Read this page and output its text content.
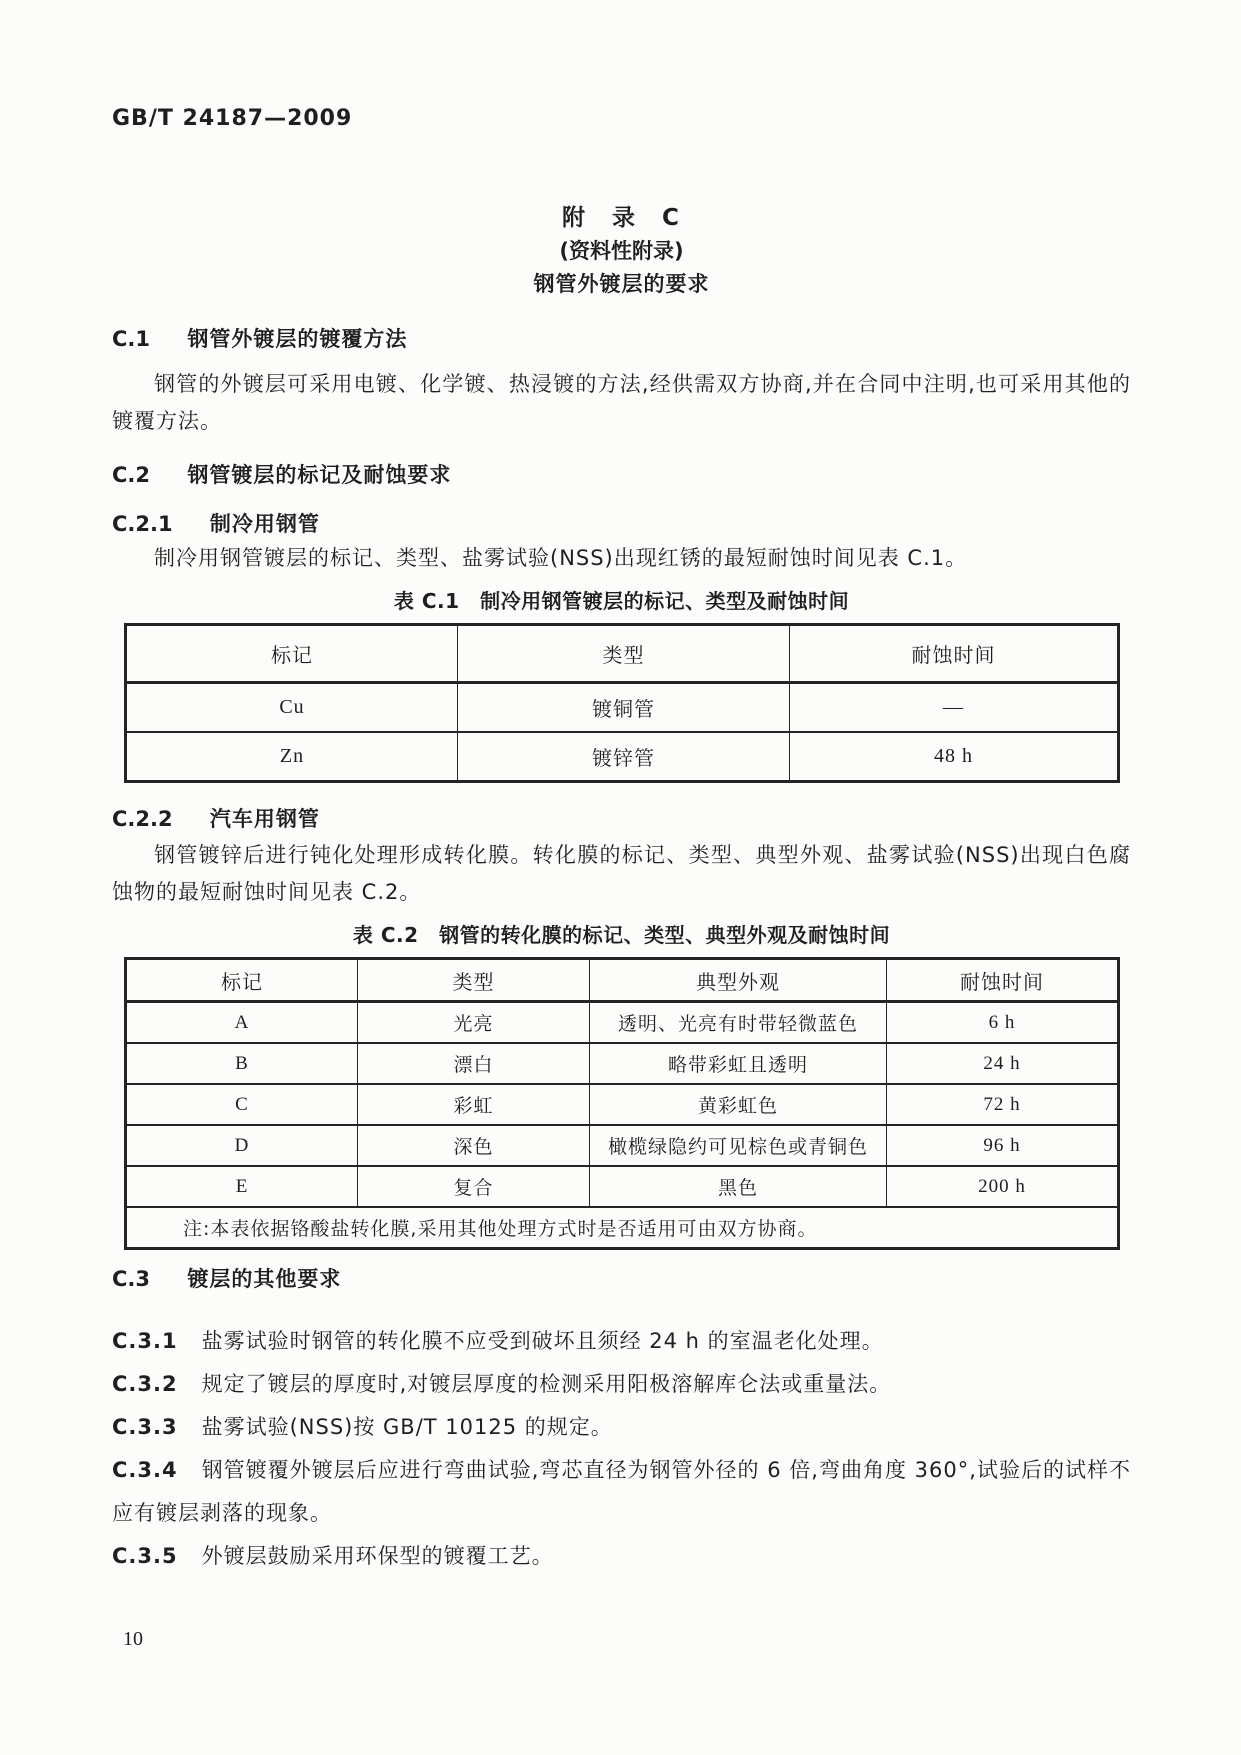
GB/T 24187—2009
附　录　C
(资料性附录)
钢管外镀层的要求
C.1 钢管外镀层的镀覆方法

钢管的外镀层可采用电镀、化学镀、热浸镀的方法,经供需双方协商,并在合同中注明,也可采用其他的镀覆方法。

C.2 钢管镀层的标记及耐蚀要求
C.2.1 制冷用钢管

制冷用钢管镀层的标记、类型、盐雾试验(NSS)出现红锈的最短耐蚀时间见表 C.1。

表 C.1　制冷用钢管镀层的标记、类型及耐蚀时间
标记	类型	耐蚀时间
Cu	镀铜管	—
Zn	镀锌管	48 h
C.2.2 汽车用钢管

钢管镀锌后进行钝化处理形成转化膜。转化膜的标记、类型、典型外观、盐雾试验(NSS)出现白色腐蚀物的最短耐蚀时间见表 C.2。

表 C.2　钢管的转化膜的标记、类型、典型外观及耐蚀时间
标记	类型	典型外观	耐蚀时间
A	光亮	透明、光亮有时带轻微蓝色	6 h
B	漂白	略带彩虹且透明	24 h
C	彩虹	黄彩虹色	72 h
D	深色	橄榄绿隐约可见棕色或青铜色	96 h
E	复合	黑色	200 h
注:本表依据铬酸盐转化膜,采用其他处理方式时是否适用可由双方协商。			
C.3 镀层的其他要求
C.3.1 盐雾试验时钢管的转化膜不应受到破坏且须经 24 h 的室温老化处理。
C.3.2 规定了镀层的厚度时,对镀层厚度的检测采用阳极溶解库仑法或重量法。
C.3.3 盐雾试验(NSS)按 GB/T 10125 的规定。
C.3.4 钢管镀覆外镀层后应进行弯曲试验,弯芯直径为钢管外径的 6 倍,弯曲角度 360°,试验后的试样不应有镀层剥落的现象。
C.3.5 外镀层鼓励采用环保型的镀覆工艺。
10
